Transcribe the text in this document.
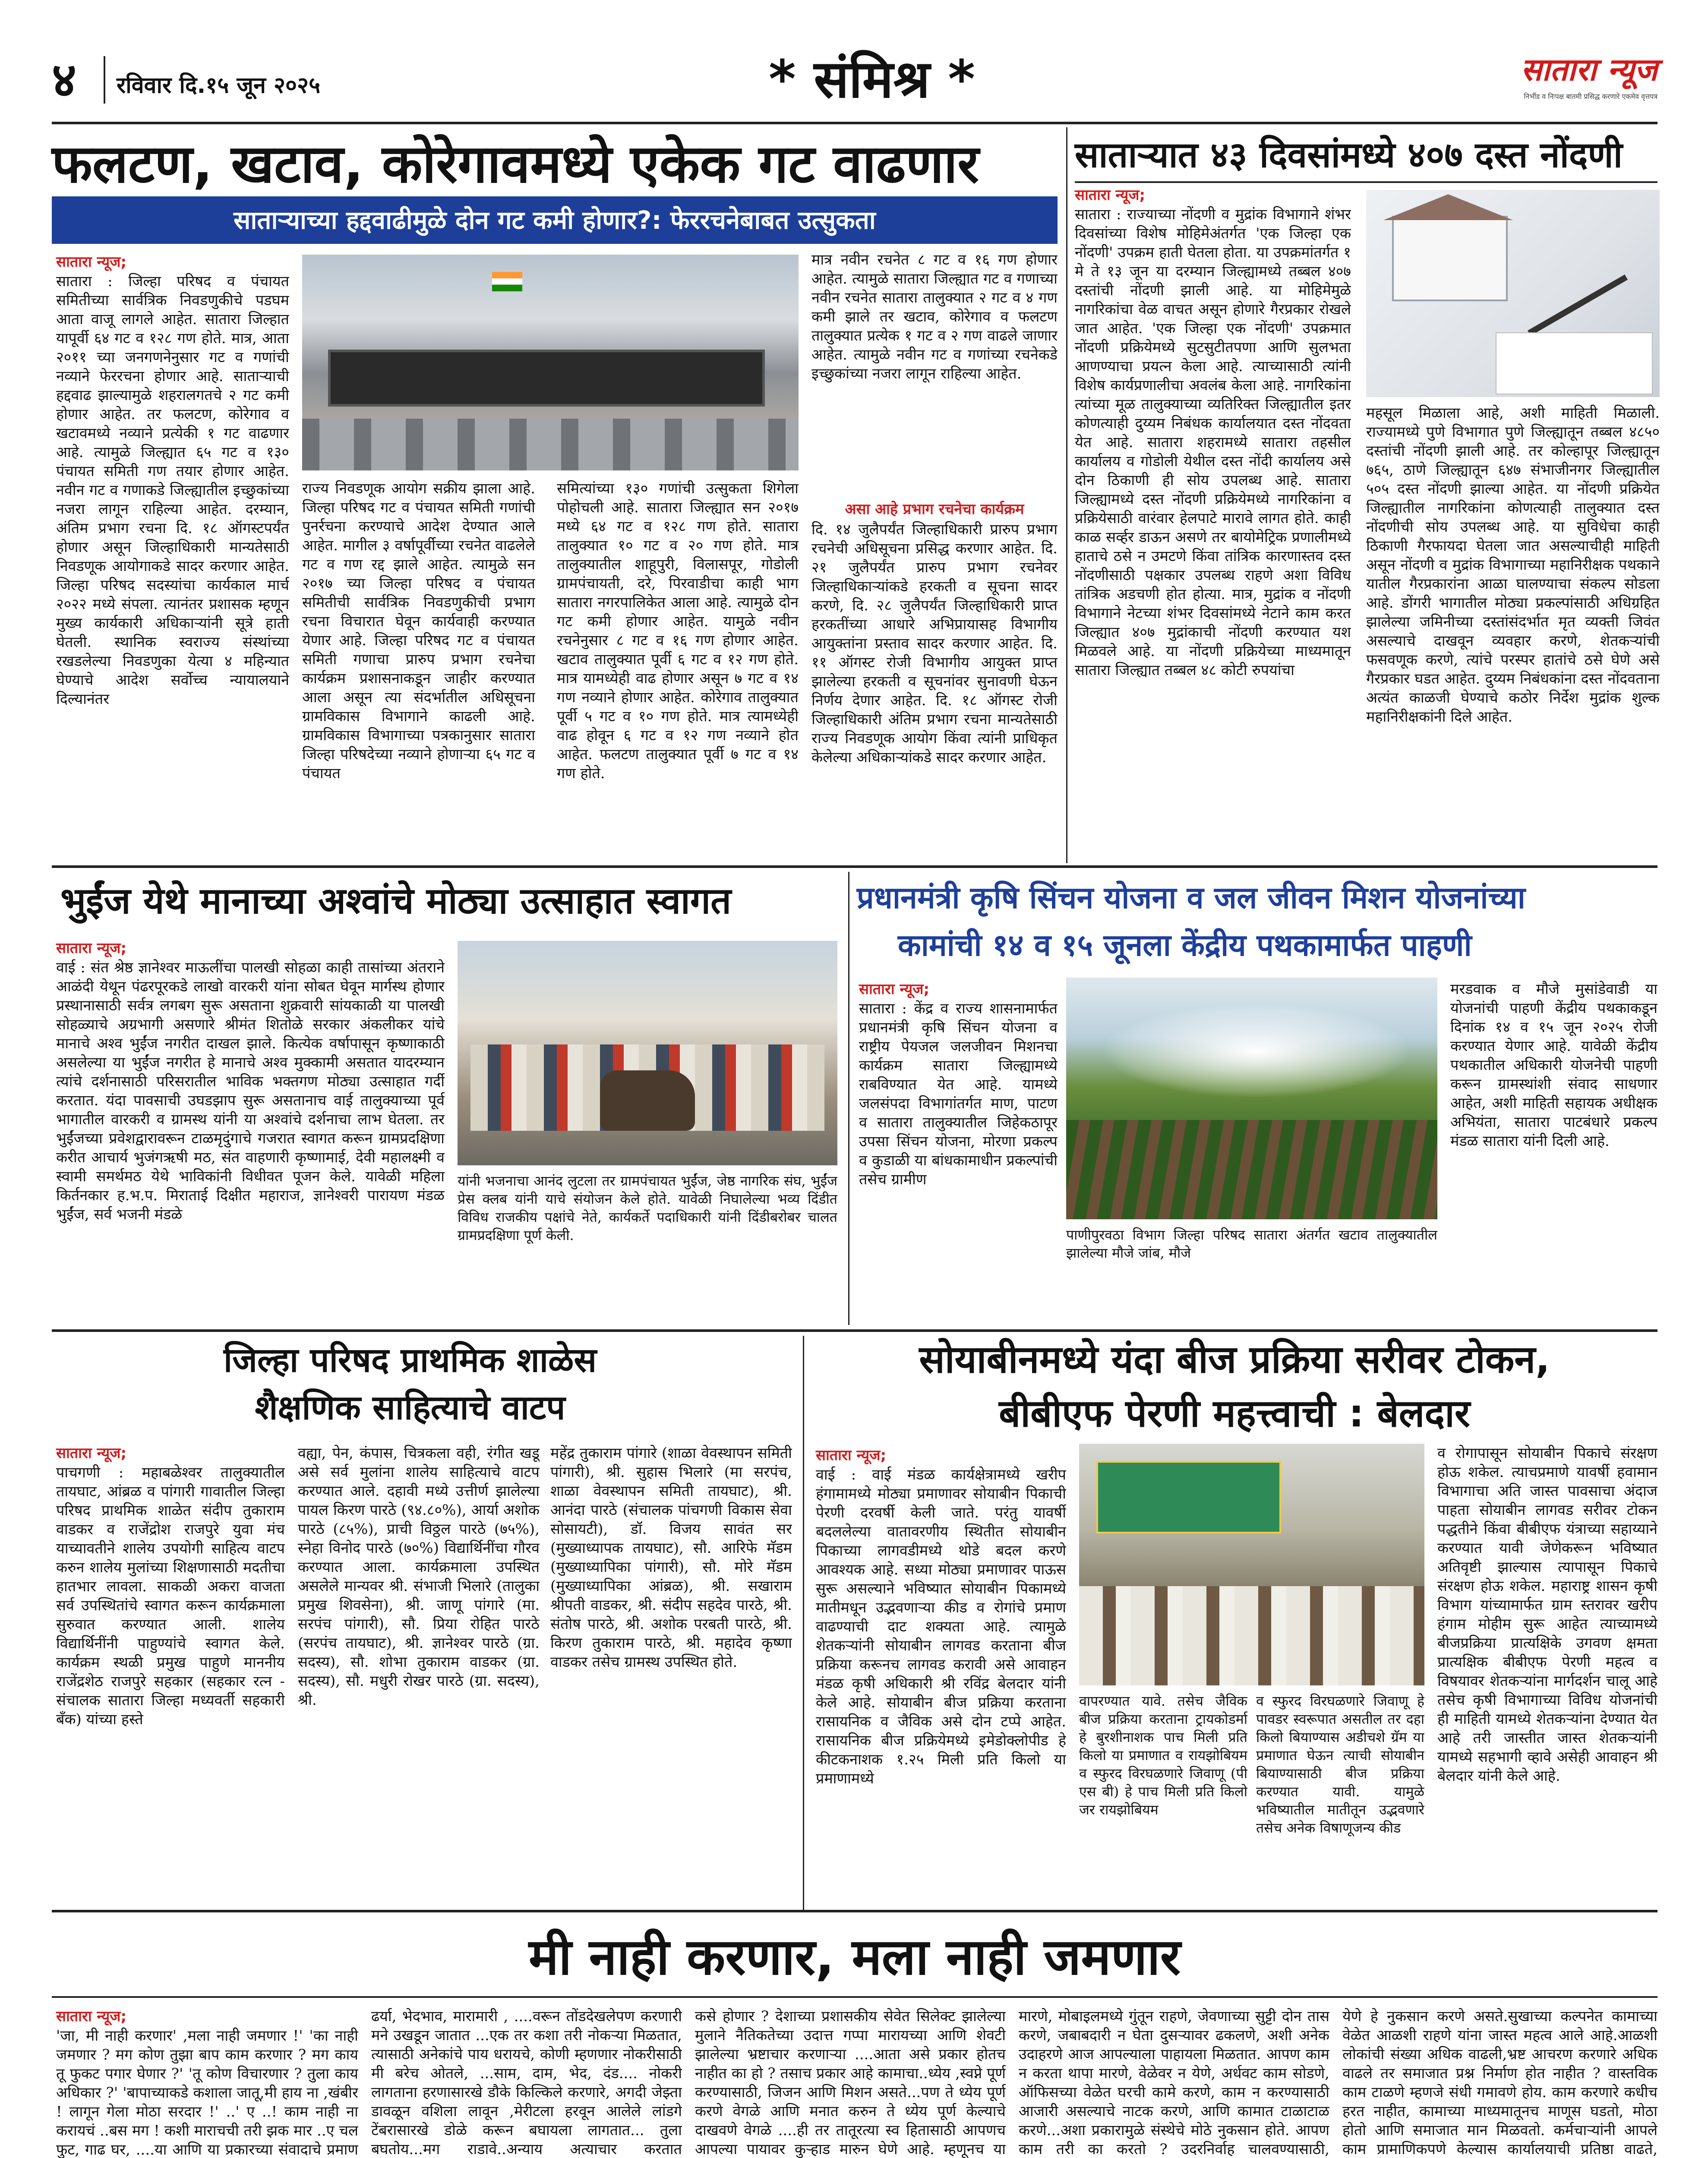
४ रविवार दि.१५ जून २०२५	* संमिश्र *	सातारा न्यूज
निर्भीड व निःपक्ष बातमी प्रसिद्ध करणारे एकमेव वृत्तपत्र
फलटण, खटाव, कोरेगावमध्ये एकेक गट वाढणार
साताऱ्याच्या हद्दवाढीमुळे दोन गट कमी होणार?: फेररचनेबाबत उत्सुकता
सातारा न्यूज;
सातारा : जिल्हा परिषद व पंचायत समितीच्या सार्वत्रिक निवडणुकीचे पडघम आता वाजू लागले आहेत. सातारा जिल्हात यापूर्वी ६४ गट व १२८ गण होते. मात्र, आता २०११ च्या जनगणनेनुसार गट व गणांची नव्याने फेररचना होणार आहे. साताऱ्याची हद्दवाढ झाल्यामुळे शहरालगतचे २ गट कमी होणार आहेत. तर फलटण, कोरेगाव व खटावमध्ये नव्याने प्रत्येकी १ गट वाढणार आहे. त्यामुळे जिल्ह्यात ६५ गट व १३० पंचायत समिती गण तयार होणार आहेत. नवीन गट व गणाकडे जिल्ह्यातील इच्छुकांच्या नजरा लागून राहिल्या आहेत. दरम्यान, अंतिम प्रभाग रचना दि. १८ ऑगस्टपर्यंत होणार असून जिल्हाधिकारी मान्यतेसाठी निवडणूक आयोगाकडे सादर करणार आहेत. जिल्हा परिषद सदस्यांचा कार्यकाल मार्च २०२२ मध्ये संपला. त्यानंतर प्रशासक म्हणून मुख्य कार्यकारी अधिकाऱ्यांनी सूत्रे हाती घेतली. स्थानिक स्वराज्य संस्थांच्या रखडलेल्या निवडणुका येत्या ४ महिन्यात घेण्याचे आदेश सर्वोच्च न्यायालयाने दिल्यानंतर
राज्य निवडणूक आयोग सक्रीय झाला आहे. जिल्हा परिषद गट व पंचायत समिती गणांची पुनर्रचना करण्याचे आदेश देण्यात आले आहेत. मागील ३ वर्षापूर्वीच्या रचनेत वाढलेले गट व गण रद्द झाले आहेत. त्यामुळे सन २०१७ च्या जिल्हा परिषद व पंचायत समितीची सार्वत्रिक निवडणुकीची प्रभाग रचना विचारात घेवून कार्यवाही करण्यात येणार आहे. जिल्हा परिषद गट व पंचायत समिती गणाचा प्रारुप प्रभाग रचनेचा कार्यक्रम प्रशासनाकडून जाहीर करण्यात आला असून त्या संदर्भातील अधिसूचना ग्रामविकास विभागाने काढली आहे. ग्रामविकास विभागाच्या पत्रकानुसार सातारा जिल्हा परिषदेच्या नव्याने होणाऱ्या ६५ गट व पंचायत
समित्यांच्या १३० गणांची उत्सुकता शिगेला पोहोचली आहे. सातारा जिल्ह्यात सन २०१७ मध्ये ६४ गट व १२८ गण होते. सातारा तालुक्यात १० गट व २० गण होते. मात्र तालुक्यातील शाहूपुरी, विलासपूर, गोडोली ग्रामपंचायती, दरे, पिरवाडीचा काही भाग सातारा नगरपालिकेत आला आहे. त्यामुळे दोन गट कमी होणार आहेत. यामुळे नवीन रचनेनुसार ८ गट व १६ गण होणार आहेत. खटाव तालुक्यात पूर्वी ६ गट व १२ गण होते. मात्र यामध्येही वाढ होणार असून ७ गट व १४ गण नव्याने होणार आहेत. कोरेगाव तालुक्यात पूर्वी ५ गट व १० गण होते. मात्र त्यामध्येही वाढ होवून ६ गट व १२ गण नव्याने होत आहेत. फलटण तालुक्यात पूर्वी ७ गट व १४ गण होते.
मात्र नवीन रचनेत ८ गट व १६ गण होणार आहेत. त्यामुळे सातारा जिल्ह्यात गट व गणाच्या नवीन रचनेत सातारा तालुक्यात २ गट व ४ गण कमी झाले तर खटाव, कोरेगाव व फलटण तालुक्यात प्रत्येक १ गट व २ गण वाढले जाणार आहेत. त्यामुळे नवीन गट व गणांच्या रचनेकडे इच्छुकांच्या नजरा लागून राहिल्या आहेत.
असा आहे प्रभाग रचनेचा कार्यक्रम
दि. १४ जुलैपर्यंत जिल्हाधिकारी प्रारुप प्रभाग रचनेची अधिसूचना प्रसिद्ध करणार आहेत. दि. २१ जुलैपर्यंत प्रारुप प्रभाग रचनेवर जिल्हाधिकाऱ्यांकडे हरकती व सूचना सादर करणे, दि. २८ जुलैपर्यंत जिल्हाधिकारी प्राप्त हरकतींच्या आधारे अभिप्रायासह विभागीय आयुक्तांना प्रस्ताव सादर करणार आहेत. दि. ११ ऑगस्ट रोजी विभागीय आयुक्त प्राप्त झालेल्या हरकती व सूचनांवर सुनावणी घेऊन निर्णय देणार आहेत. दि. १८ ऑगस्ट रोजी जिल्हाधिकारी अंतिम प्रभाग रचना मान्यतेसाठी राज्य निवडणूक आयोग किंवा त्यांनी प्राधिकृत केलेल्या अधिकाऱ्यांकडे सादर करणार आहेत.
साताऱ्यात ४३ दिवसांमध्ये ४०७ दस्त नोंदणी
सातारा न्यूज;
सातारा : राज्याच्या नोंदणी व मुद्रांक विभागाने शंभर दिवसांच्या विशेष मोहिमेअंतर्गत 'एक जिल्हा एक नोंदणी' उपक्रम हाती घेतला होता. या उपक्रमांतर्गत १ मे ते १३ जून या दरम्यान जिल्ह्यामध्ये तब्बल ४०७ दस्तांची नोंदणी झाली आहे. या मोहिमेमुळे नागरिकांचा वेळ वाचत असून होणारे गैरप्रकार रोखले जात आहेत. 'एक जिल्हा एक नोंदणी' उपक्रमात नोंदणी प्रक्रियेमध्ये सुटसुटीतपणा आणि सुलभता आणण्याचा प्रयत्न केला आहे. त्याच्यासाठी त्यांनी विशेष कार्यप्रणालीचा अवलंब केला आहे. नागरिकांना त्यांच्या मूळ तालुक्याच्या व्यतिरिक्त जिल्ह्यातील इतर कोणत्याही दुय्यम निबंधक कार्यालयात दस्त नोंदवता येत आहे. सातारा शहरामध्ये सातारा तहसील कार्यालय व गोडोली येथील दस्त नोंदी कार्यालय असे दोन ठिकाणी ही सोय उपलब्ध आहे. सातारा जिल्ह्यामध्ये दस्त नोंदणी प्रक्रियेमध्ये नागरिकांना व प्रक्रियेसाठी वारंवार हेलपाटे मारावे लागत होते. काही काळ सर्व्हर डाऊन असणे तर बायोमेट्रिक प्रणालीमध्ये हाताचे ठसे न उमटणे किंवा तांत्रिक कारणास्तव दस्त नोंदणीसाठी पक्षकार उपलब्ध राहणे अशा विविध तांत्रिक अडचणी होत होत्या. मात्र, मुद्रांक व नोंदणी विभागाने नेटच्या शंभर दिवसांमध्ये नेटाने काम करत जिल्ह्यात ४०७ मुद्रांकाची नोंदणी करण्यात यश मिळवले आहे. या नोंदणी प्रक्रियेच्या माध्यमातून सातारा जिल्ह्यात तब्बल ४८ कोटी रुपयांचा
महसूल मिळाला आहे, अशी माहिती मिळाली. राज्यामध्ये पुणे विभागात पुणे जिल्ह्यातून तब्बल ४८५० दस्तांची नोंदणी झाली आहे. तर कोल्हापूर जिल्ह्यातून ७६५, ठाणे जिल्ह्यातून ६४७ संभाजीनगर जिल्ह्यातील ५०५ दस्त नोंदणी झाल्या आहेत. या नोंदणी प्रक्रियेत जिल्ह्यातील नागरिकांना कोणत्याही तालुक्यात दस्त नोंदणीची सोय उपलब्ध आहे. या सुविधेचा काही ठिकाणी गैरफायदा घेतला जात असल्याचीही माहिती असून नोंदणी व मुद्रांक विभागाच्या महानिरीक्षक पथकाने यातील गैरप्रकारांना आळा घालण्याचा संकल्प सोडला आहे. डोंगरी भागातील मोठ्या प्रकल्पांसाठी अधिग्रहित झालेल्या जमिनीच्या दस्तांसंदर्भात मृत व्यक्ती जिवंत असल्याचे दाखवून व्यवहार करणे, शेतकऱ्यांची फसवणूक करणे, त्यांचे परस्पर हातांचे ठसे घेणे असे गैरप्रकार घडत आहेत. दुय्यम निबंधकांना दस्त नोंदवताना अत्यंत काळजी घेण्याचे कठोर निर्देश मुद्रांक शुल्क महानिरीक्षकांनी दिले आहेत.
भुईंज येथे मानाच्या अश्वांचे मोठ्या उत्साहात स्वागत
सातारा न्यूज;
वाई : संत श्रेष्ठ ज्ञानेश्वर माऊलींचा पालखी सोहळा काही तासांच्या अंतराने आळंदी येथून पंढरपूरकडे लाखो वारकरी यांना सोबत घेवून मार्गस्थ होणार प्रस्थानासाठी सर्वत्र लगबग सुरू असताना शुक्रवारी सांयकाळी या पालखी सोहळ्याचे अग्रभागी असणारे श्रीमंत शितोळे सरकार अंकलीकर यांचे मानाचे अश्व भुईंज नगरीत दाखल झाले. कित्येक वर्षापासून कृष्णाकाठी असलेल्या या भुईंज नगरीत हे मानाचे अश्व मुक्कामी असतात यादरम्यान त्यांचे दर्शनासाठी परिसरातील भाविक भक्तगण मोठ्या उत्साहात गर्दी करतात. यंदा पावसाची उघडझाप सुरू असतानाच वाई तालुक्याच्या पूर्व भागातील वारकरी व ग्रामस्थ यांनी या अश्वांचे दर्शनाचा लाभ घेतला. तर भुईंजच्या प्रवेशद्वारावरून टाळमृदुंगाचे गजरात स्वागत करून ग्रामप्रदक्षिणा करीत आचार्य भुजंगऋषी मठ, संत वाहणारी कृष्णामाई, देवी महालक्ष्मी व स्वामी समर्थमठ येथे भाविकांनी विधीवत पूजन केले. यावेळी महिला किर्तनकार ह.भ.प. मिराताई दिक्षीत महाराज, ज्ञानेश्वरी पारायण मंडळ भुईंज, सर्व भजनी मंडळे
यांनी भजनाचा आनंद लुटला तर ग्रामपंचायत भुईंज, जेष्ठ नागरिक संघ, भुईंज प्रेस क्लब यांनी याचे संयोजन केले होते. यावेळी निघालेल्या भव्य दिंडीत विविध राजकीय पक्षांचे नेते, कार्यकर्ते पदाधिकारी यांनी दिंडीबरोबर चालत ग्रामप्रदक्षिणा पूर्ण केली.
प्रधानमंत्री कृषि सिंचन योजना व जल जीवन मिशन योजनांच्या
कामांची १४ व १५ जूनला केंद्रीय पथकामार्फत पाहणी
सातारा न्यूज;
सातारा : केंद्र व राज्य शासनामार्फत प्रधानमंत्री कृषि सिंचन योजना व राष्ट्रीय पेयजल जलजीवन मिशनचा कार्यक्रम सातारा जिल्ह्यामध्ये राबविण्यात येत आहे. यामध्ये जलसंपदा विभागांतर्गत माण, पाटण व सातारा तालुक्यातील जिहेकठापूर उपसा सिंचन योजना, मोरणा प्रकल्प व कुडाळी या बांधकामाधीन प्रकल्पांची तसेच ग्रामीण
पाणीपुरवठा विभाग जिल्हा परिषद सातारा अंतर्गत खटाव तालुक्यातील झालेल्या मौजे जांब, मौजे
मरडवाक व मौजे मुसांडेवाडी या योजनांची पाहणी केंद्रीय पथकाकडून दिनांक १४ व १५ जून २०२५ रोजी करण्यात येणार आहे. यावेळी केंद्रीय पथकातील अधिकारी योजनेची पाहणी करून ग्रामस्थांशी संवाद साधणार आहेत, अशी माहिती सहायक अधीक्षक अभियंता, सातारा पाटबंधारे प्रकल्प मंडळ सातारा यांनी दिली आहे.
जिल्हा परिषद प्राथमिक शाळेस
शैक्षणिक साहित्याचे वाटप
सातारा न्यूज;
पाचगणी : महाबळेश्वर तालुक्यातील तायघाट, आंब्रळ व पांगारी गावातील जिल्हा परिषद प्राथमिक शाळेत संदीप तुकाराम वाडकर व राजेंद्रोश राजपुरे युवा मंच याच्यावतीने शालेय उपयोगी साहित्य वाटप करुन शालेय मुलांच्या शिक्षणासाठी मदतीचा हातभार लावला. साकळी अकरा वाजता सर्व उपस्थितांचे स्वागत करून कार्यक्रमाला सुरुवात करण्यात आली. शालेय विद्यार्थिनींनी पाहुण्यांचे स्वागत केले. कार्यक्रम स्थळी प्रमुख पाहुणे माननीय राजेंद्रशेठ राजपुरे सहकार (सहकार रत्न - संचालक सातारा जिल्हा मध्यवर्ती सहकारी बँक) यांच्या हस्ते
वह्या, पेन, कंपास, चित्रकला वही, रंगीत खडू असे सर्व मुलांना शालेय साहित्याचे वाटप करण्यात आले. दहावी मध्ये उत्तीर्ण झालेल्या पायल किरण पारठे (९४.८०%), आर्या अशोक पारठे (८५%), प्राची विठ्ठल पारठे (७५%), स्नेहा विनोद पारठे (७०%) विद्यार्थिनींचा गौरव करण्यात आला. कार्यक्रमाला उपस्थित असलेले मान्यवर श्री. संभाजी भिलारे (तालुका प्रमुख शिवसेना), श्री. जाणू पांगारे (मा. सरपंच पांगारी), सौ. प्रिया रोहित पारठे (सरपंच तायघाट), श्री. ज्ञानेश्वर पारठे (ग्रा. सदस्य), सौ. शोभा तुकाराम वाडकर (ग्रा. सदस्य), सौ. मधुरी रोखर पारठे (ग्रा. सदस्य), श्री.
महेंद्र तुकाराम पांगारे (शाळा वेवस्थापन समिती पांगारी), श्री. सुहास भिलारे (मा सरपंच, शाळा वेवस्थापन समिती तायघाट), श्री. आनंदा पारठे (संचालक पांचगणी विकास सेवा सोसायटी), डॉ. विजय सावंत सर (मुख्याध्यापक तायघाट), सौ. आरिफे मॅडम (मुख्याध्यापिका पांगारी), सौ. मोरे मॅडम (मुख्याध्यापिका आंब्रळ), श्री. सखाराम श्रीपती वाडकर, श्री. संदीप सहदेव पारठे, श्री. संतोष पारठे, श्री. अशोक परबती पारठे, श्री. किरण तुकाराम पारठे, श्री. महादेव कृष्णा वाडकर तसेच ग्रामस्थ उपस्थित होते.
सोयाबीनमध्ये यंदा बीज प्रक्रिया सरीवर टोकन,
बीबीएफ पेरणी महत्त्वाची : बेलदार
सातारा न्यूज;
वाई : वाई मंडळ कार्यक्षेत्रामध्ये खरीप हंगामामध्ये मोठ्या प्रमाणावर सोयाबीन पिकाची पेरणी दरवर्षी केली जाते. परंतु यावर्षी बदललेल्या वातावरणीय स्थितीत सोयाबीन पिकाच्या लागवडीमध्ये थोडे बदल करणे आवश्यक आहे. सध्या मोठ्या प्रमाणावर पाऊस सुरू असल्याने भविष्यात सोयाबीन पिकामध्ये मातीमधून उद्भवणाऱ्या कीड व रोगांचे प्रमाण वाढण्याची दाट शक्यता आहे. त्यामुळे शेतकऱ्यांनी सोयाबीन लागवड करताना बीज प्रक्रिया करूनच लागवड करावी असे आवाहन मंडळ कृषी अधिकारी श्री रविंद्र बेलदार यांनी केले आहे. सोयाबीन बीज प्रक्रिया करताना रासायनिक व जैविक असे दोन टप्पे आहेत. रासायनिक बीज प्रक्रियेमध्ये इमेडोक्लोपीड हे कीटकनाशक १.२५ मिली प्रति किलो या प्रमाणामध्ये
वापरण्यात यावे. तसेच जैविक बीज प्रक्रिया करताना ट्रायकोडर्मा हे बुरशीनाशक पाच मिली प्रति किलो या प्रमाणात व रायझोबियम व स्फुरद विरघळणारे जिवाणू (पी एस बी) हे पाच मिली प्रति किलो जर रायझोबियम
व स्फुरद विरघळणारे जिवाणू हे पावडर स्वरूपात असतील तर दहा किलो बियाण्यास अडीचशे ग्रॅम या प्रमाणात घेऊन त्याची सोयाबीन बियाण्यासाठी बीज प्रक्रिया करण्यात यावी. यामुळे भविष्यातील मातीतून उद्भवणारे तसेच अनेक विषाणूजन्य कीड
व रोगापासून सोयाबीन पिकाचे संरक्षण होऊ शकेल. त्याचप्रमाणे यावर्षी हवामान विभागाचा अति जास्त पावसाचा अंदाज पाहता सोयाबीन लागवड सरीवर टोकन पद्धतीने किंवा बीबीएफ यंत्राच्या सहाय्याने करण्यात यावी जेणेकरून भविष्यात अतिवृष्टी झाल्यास त्यापासून पिकाचे संरक्षण होऊ शकेल. महाराष्ट्र शासन कृषी विभाग यांच्यामार्फत ग्राम स्तरावर खरीप हंगाम मोहीम सुरू आहेत त्याच्यामध्ये बीजप्रक्रिया प्रात्यक्षिके उगवण क्षमता प्रात्यक्षिक बीबीएफ पेरणी महत्व व विषयावर शेतकऱ्यांना मार्गदर्शन चालू आहे तसेच कृषी विभागाच्या विविध योजनांची ही माहिती यामध्ये शेतकऱ्यांना देण्यात येत आहे तरी जास्तीत जास्त शेतकऱ्यांनी यामध्ये सहभागी व्हावे असेही आवाहन श्री बेलदार यांनी केले आहे.
मी नाही करणार, मला नाही जमणार
सातारा न्यूज;
'जा, मी नाही करणार' ,मला नाही जमणार !' 'का नाही जमणार ? मग कोण तुझा बाप काम करणार ? मग काय तू फुकट पगार घेणार ?' 'तू कोण विचारणार ? तुला काय अधिकार ?' 'बापाच्याकडे कशाला जातू,मी हाय ना ,खंबीर ! लागून गेला मोठा सरदार !' ..' ए ..! काम नाही ना करायचं ..बस मग ! कशी माराचची तरी झक मार ..ए चल फुट, गाढ घर, ....या आणि या प्रकारच्या संवादाचे प्रमाण
ढर्या, भेदभाव, मारामारी , ....वरून तोंडदेखलेपण करणारी मने उखडून जातात ...एक तर कशा तरी नोकऱ्या मिळतात, त्यासाठी अनेकांचे पाय धरायचे, कोणी म्हणणार नोकरीसाठी मी बरेच ओतले, ...साम, दाम, भेद, दंड.... नोकरी लागताना हरणासारखे डौके किल्किले करणारे, अगदी जेझ्ता डावळून वशिला लावून ,मेरीटला हरवून आलेले लांडगे टेंबरासारखे डोळे करून बघायला लागतात... तुला बघतोय...मग राडावे..अन्याय अत्याचार करतात
कसे होणार ? देशाच्या प्रशासकीय सेवेत सिलेक्ट झालेल्या मुलाने नैतिकतेच्या उदात्त गप्पा मारायच्या आणि शेवटी झालेल्या भ्रष्टाचार करणाऱ्या ....आता असे प्रकार होतच नाहीत का हो ? तसाच प्रकार आहे कामाचा..ध्येय ,स्वप्ने पूर्ण करण्यासाठी, जिजन आणि मिशन असते...पण ते ध्येय पूर्ण करणे वेगळे आणि मनात करुन ते ध्येय पूर्ण केल्याचे दाखवणे वेगळे ....ही तर तातूरत्या स्व हितासाठी आपणच आपल्या पायावर कुऱ्हाड मारुन घेणे आहे. म्हणूनच या
मारणे, मोबाइलमध्ये गुंतून राहणे, जेवणाच्या सुट्टी दोन तास करणे, जबाबदारी न घेता दुसऱ्यावर ढकलणे, अशी अनेक उदाहरणे आज आपल्याला पाहायला मिळतात. आपण काम न करता थापा मारणे, वेळेवर न येणे, अर्धवट काम सोडणे, ऑफिसच्या वेळेत घरची कामे करणे, काम न करण्यासाठी आजारी असल्याचे नाटक करणे, आणि कामात टाळाटाळ करणे...अशा प्रकारामुळे संस्थेचे मोठे नुकसान होते. आपण काम तरी का करतो ? उदरनिर्वाह चालवण्यासाठी,
येणे हे नुकसान करणे असते.सुखाच्या कल्पनेत कामाच्या वेळेत आळशी राहणे यांना जास्त महत्व आले आहे.आळशी लोकांची संख्या अधिक वाढली,भ्रष्ट आचरण करणारे अधिक वाढले तर समाजात प्रश्न निर्माण होत नाहीत ? वास्तविक काम टाळणे म्हणजे संधी गमावणे होय. काम करणारे कधीच हरत नाहीत, कामाच्या माध्यमातूनच माणूस घडतो, मोठा होतो आणि समाजात मान मिळवतो. कर्मचाऱ्यांनी आपले काम प्रामाणिकपणे केल्यास कार्यालयाची प्रतिष्ठा वाढते,
